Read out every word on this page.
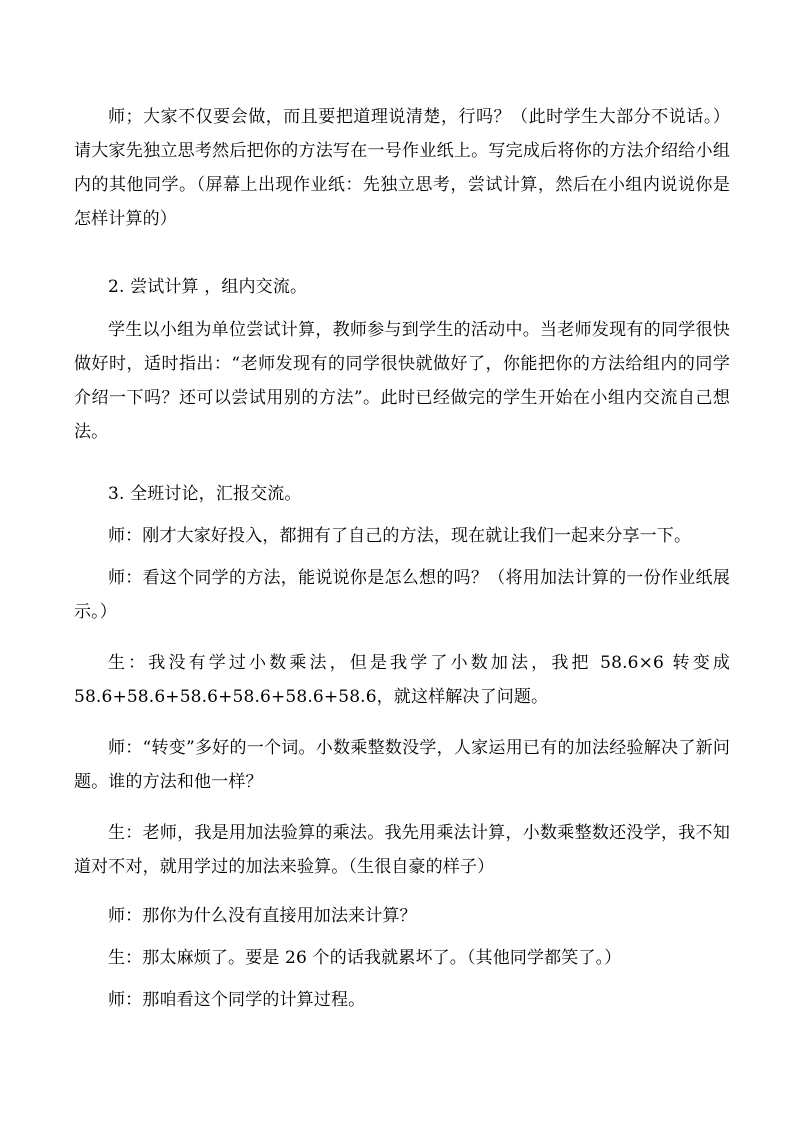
师；大家不仅要会做，而且要把道理说清楚，行吗？（此时学生大部分不说话。）请大家先独立思考然后把你的方法写在一号作业纸上。写完成后将你的方法介绍给小组内的其他同学。（屏幕上出现作业纸：先独立思考，尝试计算，然后在小组内说说你是怎样计算的）

2. 尝试计算 ，组内交流。

学生以小组为单位尝试计算，教师参与到学生的活动中。当老师发现有的同学很快做好时，适时指出：“老师发现有的同学很快就做好了，你能把你的方法给组内的同学介绍一下吗？还可以尝试用别的方法”。此时已经做完的学生开始在小组内交流自己想法。

3. 全班讨论，汇报交流。

师：刚才大家好投入，都拥有了自己的方法，现在就让我们一起来分享一下。

师：看这个同学的方法，能说说你是怎么想的吗？（将用加法计算的一份作业纸展示。）

生：我没有学过小数乘法，但是我学了小数加法，我把 58.6×6 转变成 58.6+58.6+58.6+58.6+58.6+58.6，就这样解决了问题。

师：“转变”多好的一个词。小数乘整数没学，人家运用已有的加法经验解决了新问题。谁的方法和他一样？

生：老师，我是用加法验算的乘法。我先用乘法计算，小数乘整数还没学，我不知道对不对，就用学过的加法来验算。（生很自豪的样子）

师：那你为什么没有直接用加法来计算？

生：那太麻烦了。要是 26 个的话我就累坏了。（其他同学都笑了。）

师：那咱看这个同学的计算过程。
